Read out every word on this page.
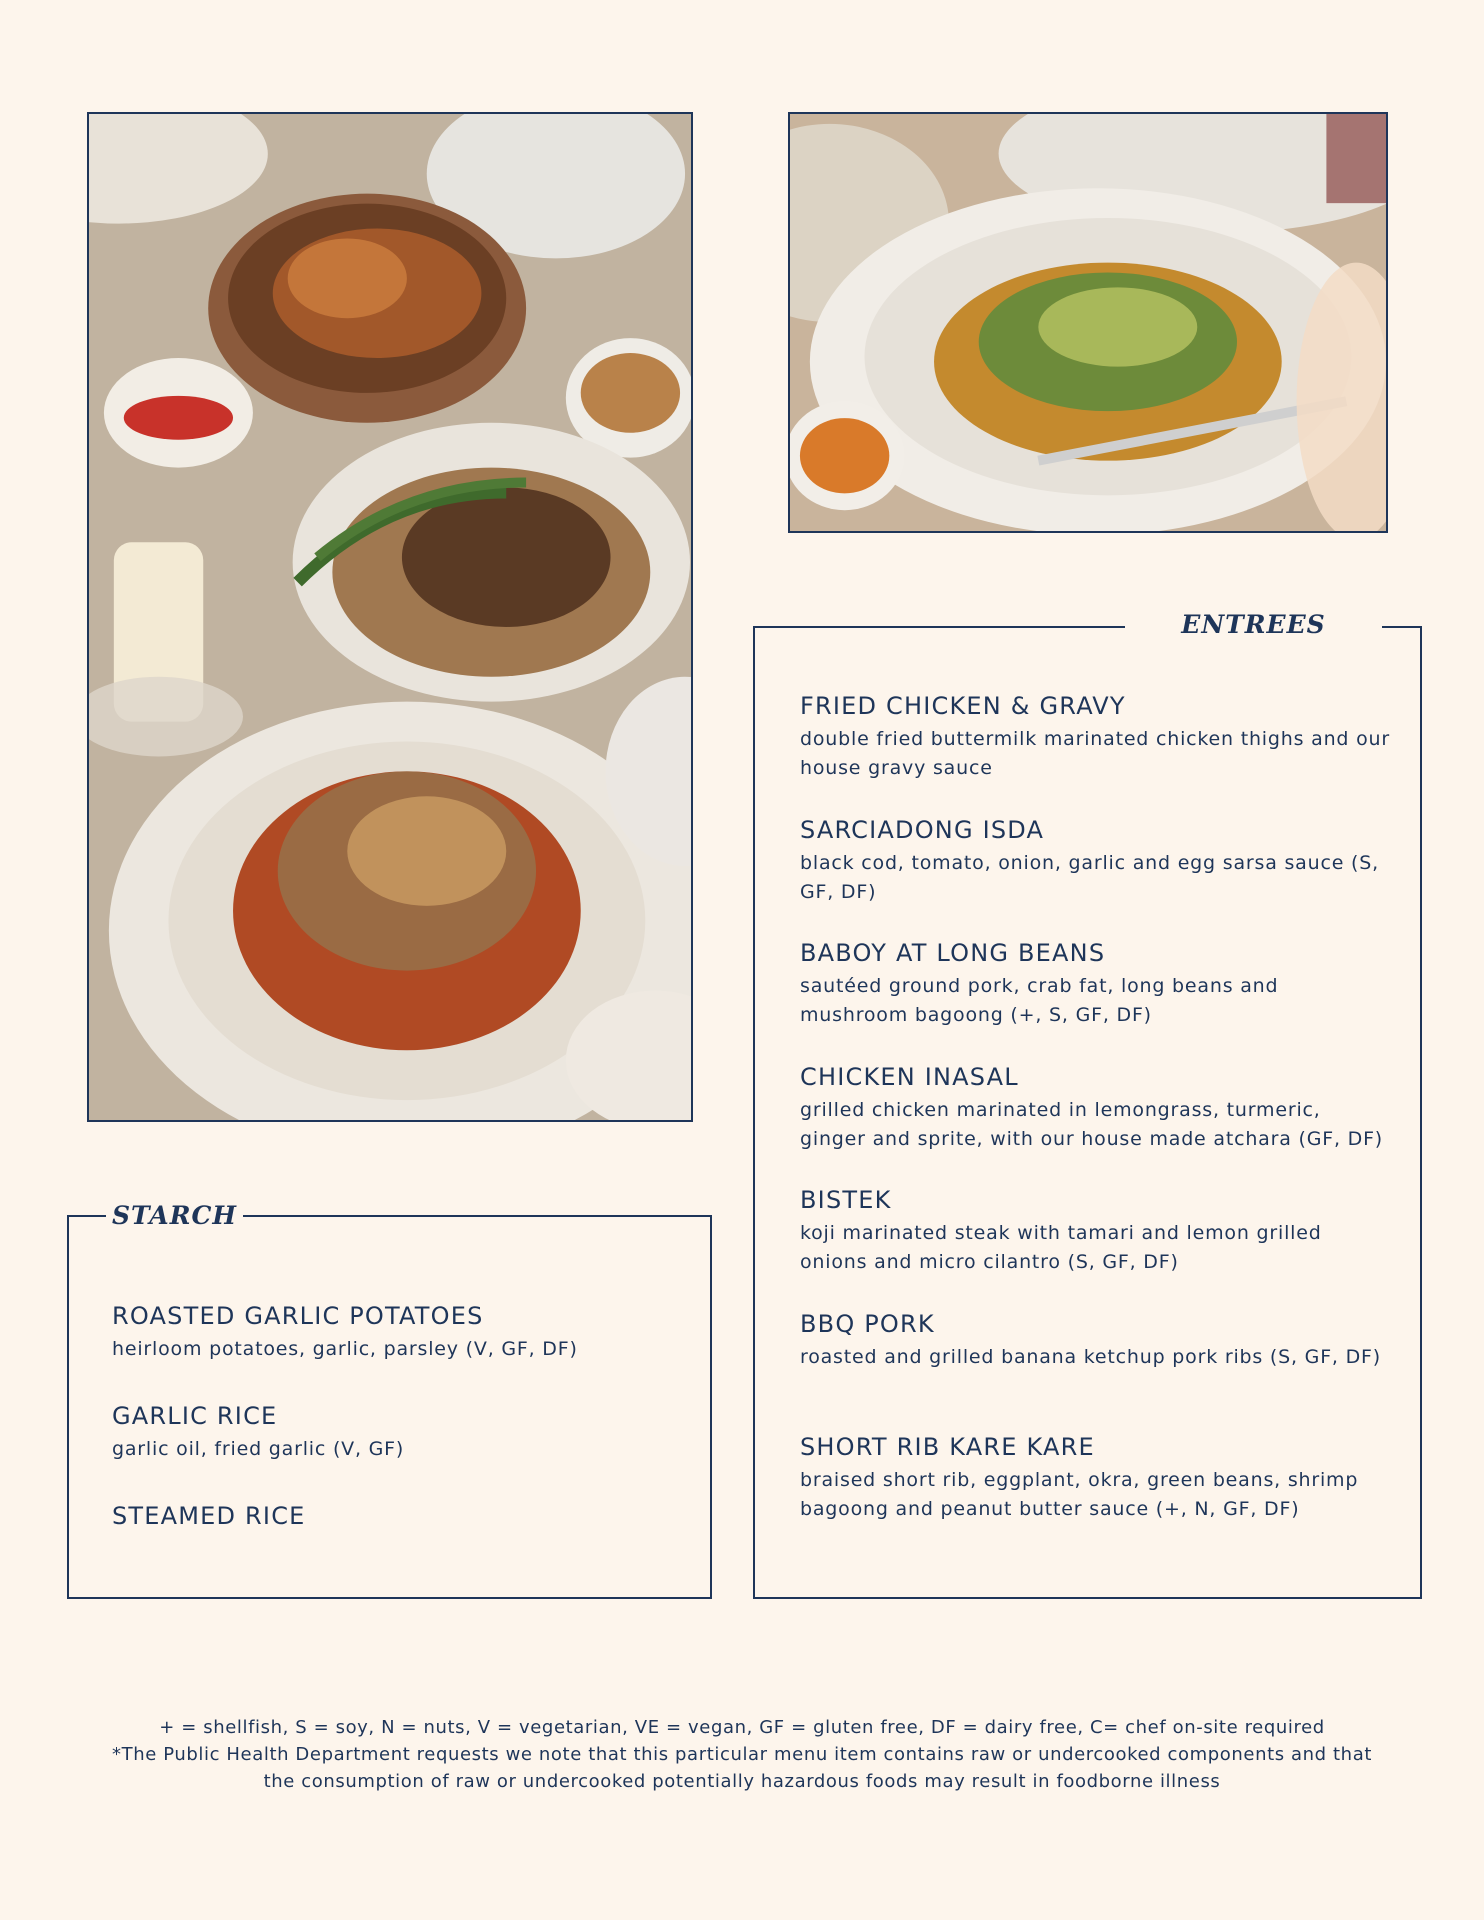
STARCH

ROASTED GARLIC POTATOES

heirloom potatoes, garlic, parsley (V, GF, DF)

GARLIC RICE

garlic oil, fried garlic (V, GF)

STEAMED RICE

ENTREES

FRIED CHICKEN & GRAVY

double fried buttermilk marinated chicken thighs and our house gravy sauce

SARCIADONG ISDA

black cod, tomato, onion, garlic and egg sarsa sauce (S, GF, DF)

BABOY AT LONG BEANS

sautéed ground pork, crab fat, long beans and mushroom bagoong (+, S, GF, DF)

CHICKEN INASAL

grilled chicken marinated in lemongrass, turmeric, ginger and sprite, with our house made atchara (GF, DF)

BISTEK

koji marinated steak with tamari and lemon grilled onions and micro cilantro (S, GF, DF)

BBQ PORK

roasted and grilled banana ketchup pork ribs (S, GF, DF)

SHORT RIB KARE KARE

braised short rib, eggplant, okra, green beans, shrimp bagoong and peanut butter sauce (+, N, GF, DF)

+ = shellfish, S = soy, N = nuts, V = vegetarian, VE = vegan, GF = gluten free, DF = dairy free, C= chef on-site required
*The Public Health Department requests we note that this particular menu item contains raw or undercooked components and that
the consumption of raw or undercooked potentially hazardous foods may result in foodborne illness
